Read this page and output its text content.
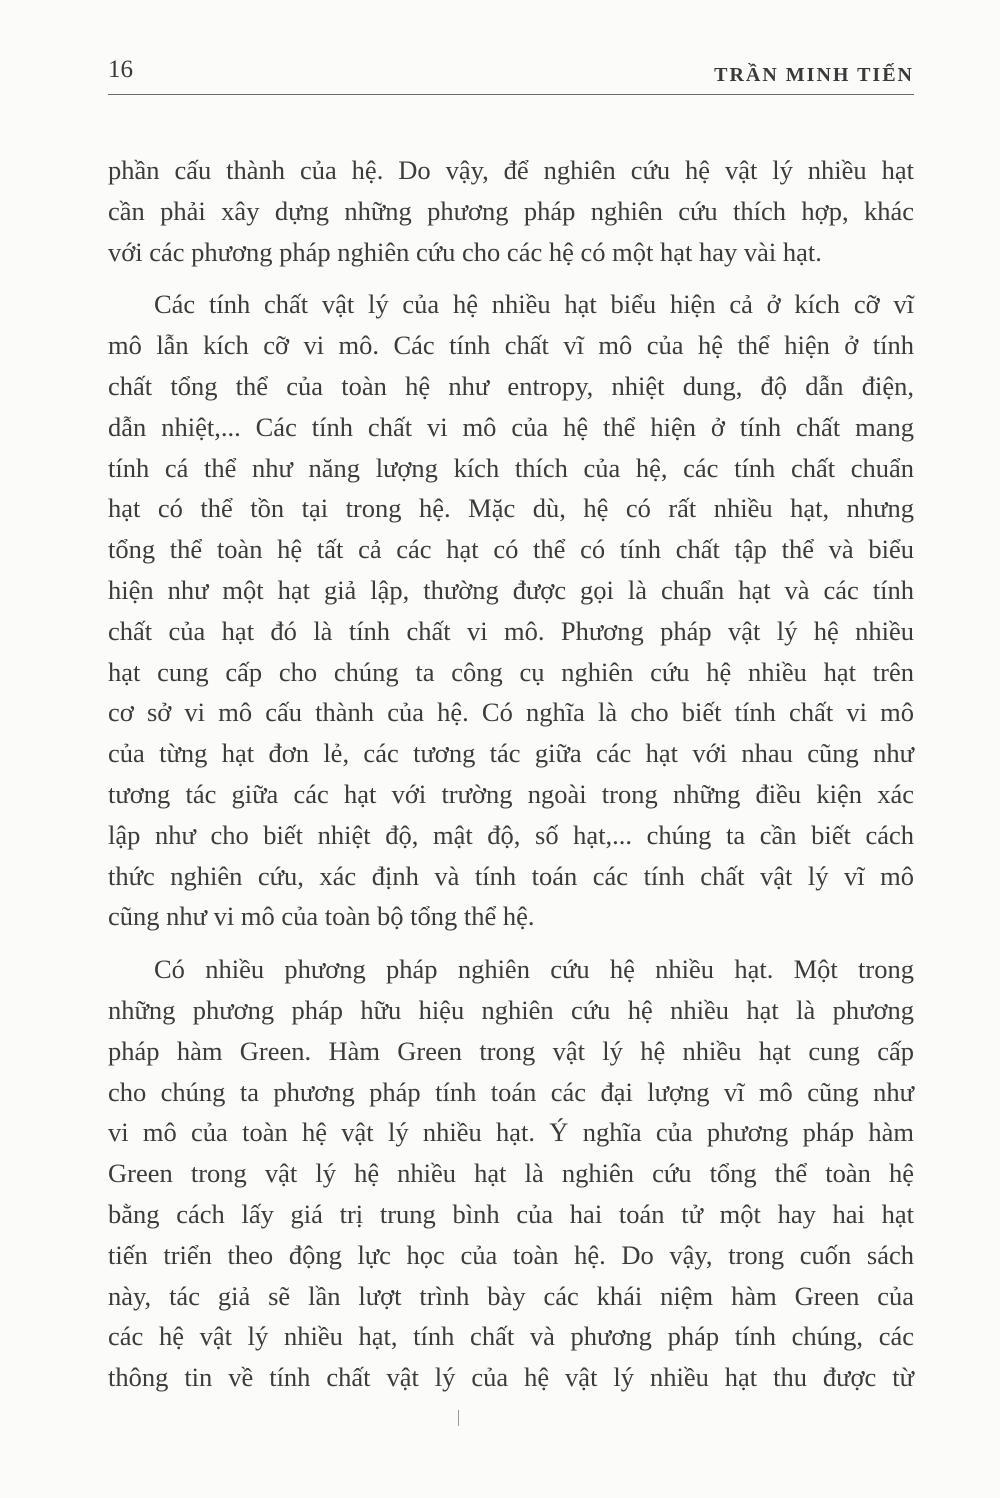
16	TRẦN MINH TIẾN

phần cấu thành của hệ. Do vậy, để nghiên cứu hệ vật lý nhiều hạt
cần phải xây dựng những phương pháp nghiên cứu thích hợp, khác
với các phương pháp nghiên cứu cho các hệ có một hạt hay vài hạt.

Các tính chất vật lý của hệ nhiều hạt biểu hiện cả ở kích cỡ vĩ
mô lẫn kích cỡ vi mô. Các tính chất vĩ mô của hệ thể hiện ở tính
chất tổng thể của toàn hệ như entropy, nhiệt dung, độ dẫn điện,
dẫn nhiệt,... Các tính chất vi mô của hệ thể hiện ở tính chất mang
tính cá thể như năng lượng kích thích của hệ, các tính chất chuẩn
hạt có thể tồn tại trong hệ. Mặc dù, hệ có rất nhiều hạt, nhưng
tổng thể toàn hệ tất cả các hạt có thể có tính chất tập thể và biểu
hiện như một hạt giả lập, thường được gọi là chuẩn hạt và các tính
chất của hạt đó là tính chất vi mô. Phương pháp vật lý hệ nhiều
hạt cung cấp cho chúng ta công cụ nghiên cứu hệ nhiều hạt trên
cơ sở vi mô cấu thành của hệ. Có nghĩa là cho biết tính chất vi mô
của từng hạt đơn lẻ, các tương tác giữa các hạt với nhau cũng như
tương tác giữa các hạt với trường ngoài trong những điều kiện xác
lập như cho biết nhiệt độ, mật độ, số hạt,... chúng ta cần biết cách
thức nghiên cứu, xác định và tính toán các tính chất vật lý vĩ mô
cũng như vi mô của toàn bộ tổng thể hệ.

Có nhiều phương pháp nghiên cứu hệ nhiều hạt. Một trong
những phương pháp hữu hiệu nghiên cứu hệ nhiều hạt là phương
pháp hàm Green. Hàm Green trong vật lý hệ nhiều hạt cung cấp
cho chúng ta phương pháp tính toán các đại lượng vĩ mô cũng như
vi mô của toàn hệ vật lý nhiều hạt. Ý nghĩa của phương pháp hàm
Green trong vật lý hệ nhiều hạt là nghiên cứu tổng thể toàn hệ
bằng cách lấy giá trị trung bình của hai toán tử một hay hai hạt
tiến triển theo động lực học của toàn hệ. Do vậy, trong cuốn sách
này, tác giả sẽ lần lượt trình bày các khái niệm hàm Green của
các hệ vật lý nhiều hạt, tính chất và phương pháp tính chúng, các
thông tin về tính chất vật lý của hệ vật lý nhiều hạt thu được từ
